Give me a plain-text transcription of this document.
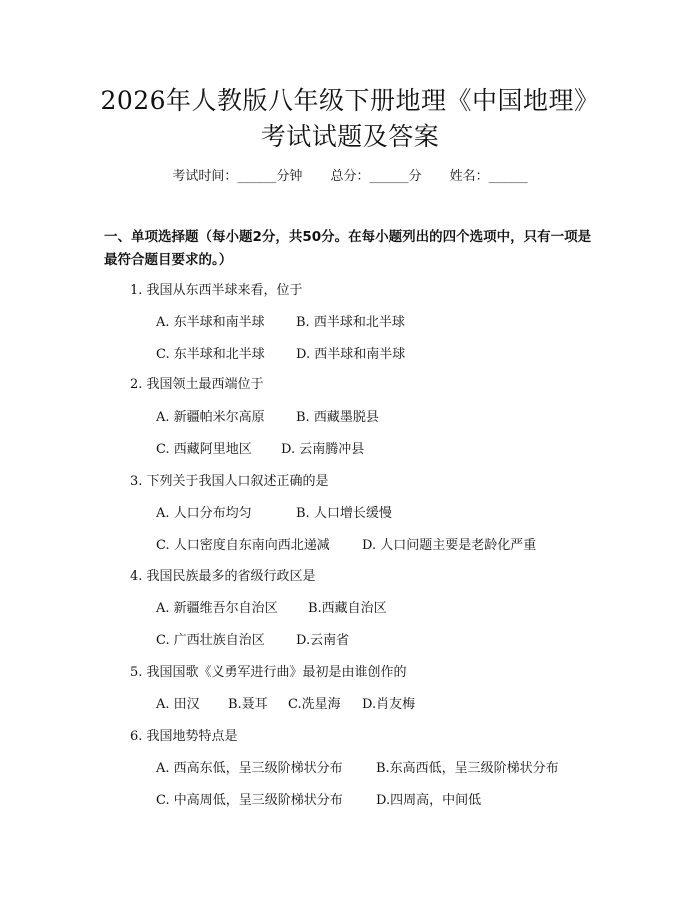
2026年人教版八年级下册地理《中国地理》
考试试题及答案
考试时间：______分钟 总分：______分 姓名：______
一、单项选择题（每小题2分，共50分。在每小题列出的四个选项中，只有一项是最符合题目要求的。）
1. 我国从东西半球来看，位于
A. 东半球和南半球 B. 西半球和北半球
C. 东半球和北半球 D. 西半球和南半球
2. 我国领土最西端位于
A. 新疆帕米尔高原 B. 西藏墨脱县
C. 西藏阿里地区 D. 云南腾冲县
3. 下列关于我国人口叙述正确的是
A. 人口分布均匀	B. 人口增长缓慢
C. 人口密度自东南向西北递减 D. 人口问题主要是老龄化严重
4. 我国民族最多的省级行政区是
A. 新疆维吾尔自治区 B.西藏自治区
C. 广西壮族自治区 D.云南省
5. 我国国歌《义勇军进行曲》最初是由谁创作的
A. 田汉 B.聂耳 C.冼星海 D.肖友梅
6. 我国地势特点是
A. 西高东低，呈三级阶梯状分布	B.东高西低，呈三级阶梯状分布
C. 中高周低，呈三级阶梯状分布	D.四周高，中间低
